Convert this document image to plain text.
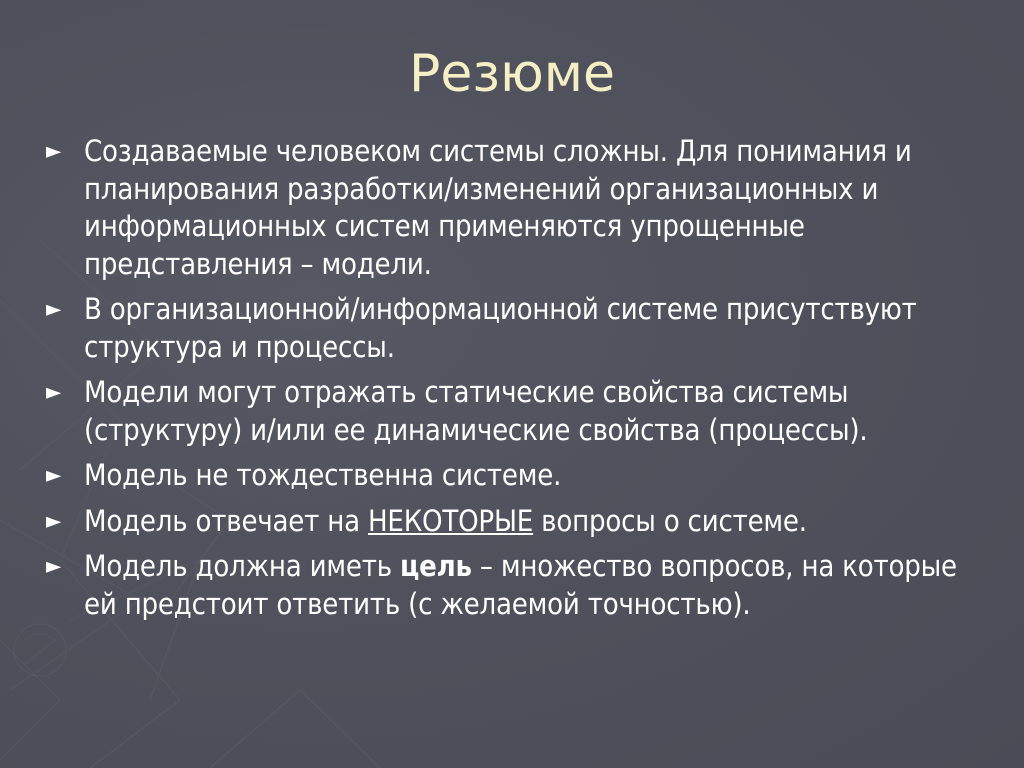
Резюме
► Создаваемые человеком системы сложны. Для понимания и планирования разработки/изменений организационных и информационных систем применяются упрощенные представления – модели.
► В организационной/информационной системе присутствуют структура и процессы.
► Модели могут отражать статические свойства системы (структуру) и/или ее динамические свойства (процессы).
► Модель не тождественна системе.
► Модель отвечает на НЕКОТОРЫЕ вопросы о системе.
► Модель должна иметь цель – множество вопросов, на которые ей предстоит ответить (с желаемой точностью).
